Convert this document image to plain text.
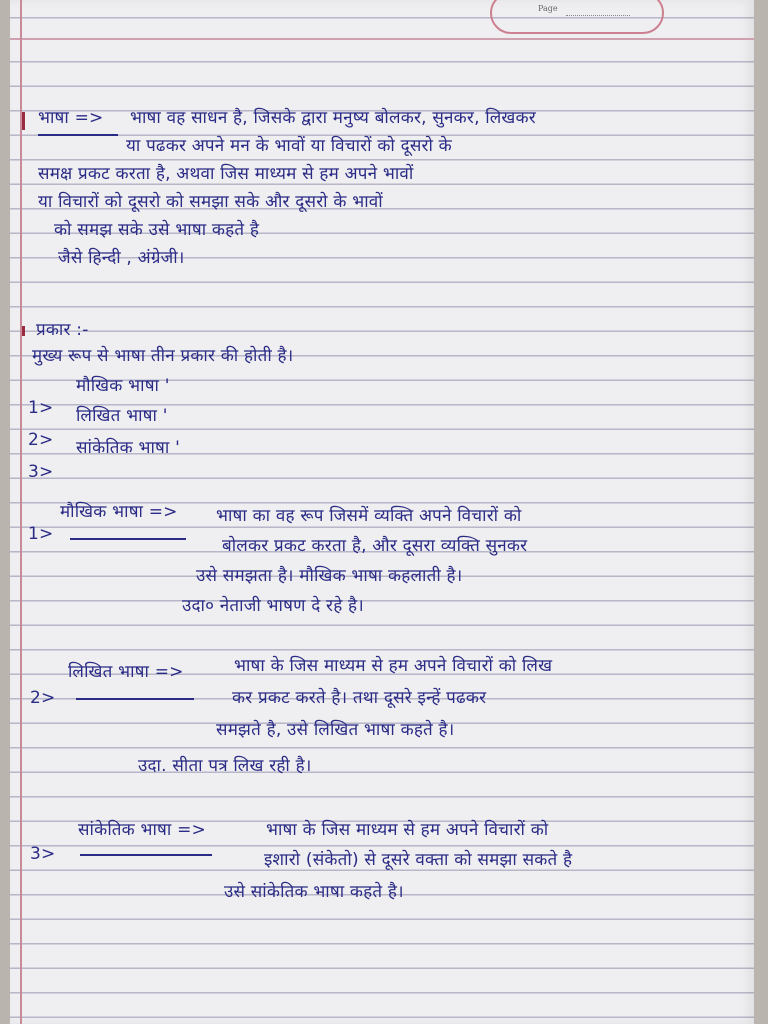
Page

भाषा => भाषा वह साधन है, जिसके द्वारा मनुष्य बोलकर, सुनकर, लिखकर

या पढकर अपने मन के भावों या विचारों को दूसरो के

समक्ष प्रकट करता है, अथवा जिस माध्यम से हम अपने भावों

या विचारों को दूसरो को समझा सके और दूसरो के भावों

को समझ सके उसे भाषा कहते है

जैसे हिन्दी , अंग्रेजी।

प्रकार :-

मुख्य रूप से भाषा तीन प्रकार की होती है।

मौखिक भाषा '

लिखित भाषा '

सांकेतिक भाषा '

1>

2>

3>

1>

मौखिक भाषा => भाषा का वह रूप जिसमें व्यक्ति अपने विचारों को

बोलकर प्रकट करता है, और दूसरा व्यक्ति सुनकर

उसे समझता है। मौखिक भाषा कहलाती है।

उदा० नेताजी भाषण दे रहे है।

2>

लिखित भाषा =>	भाषा के जिस माध्यम से हम अपने विचारों को लिख

कर प्रकट करते है। तथा दूसरे इन्हें पढकर

समझते है, उसे लिखित भाषा कहते है।

उदा. सीता पत्र लिख रही है।

3>

सांकेतिक भाषा =>	भाषा के जिस माध्यम से हम अपने विचारों को

इशारो (संकेतो) से दूसरे वक्ता को समझा सकते है

उसे सांकेतिक भाषा कहते है।
